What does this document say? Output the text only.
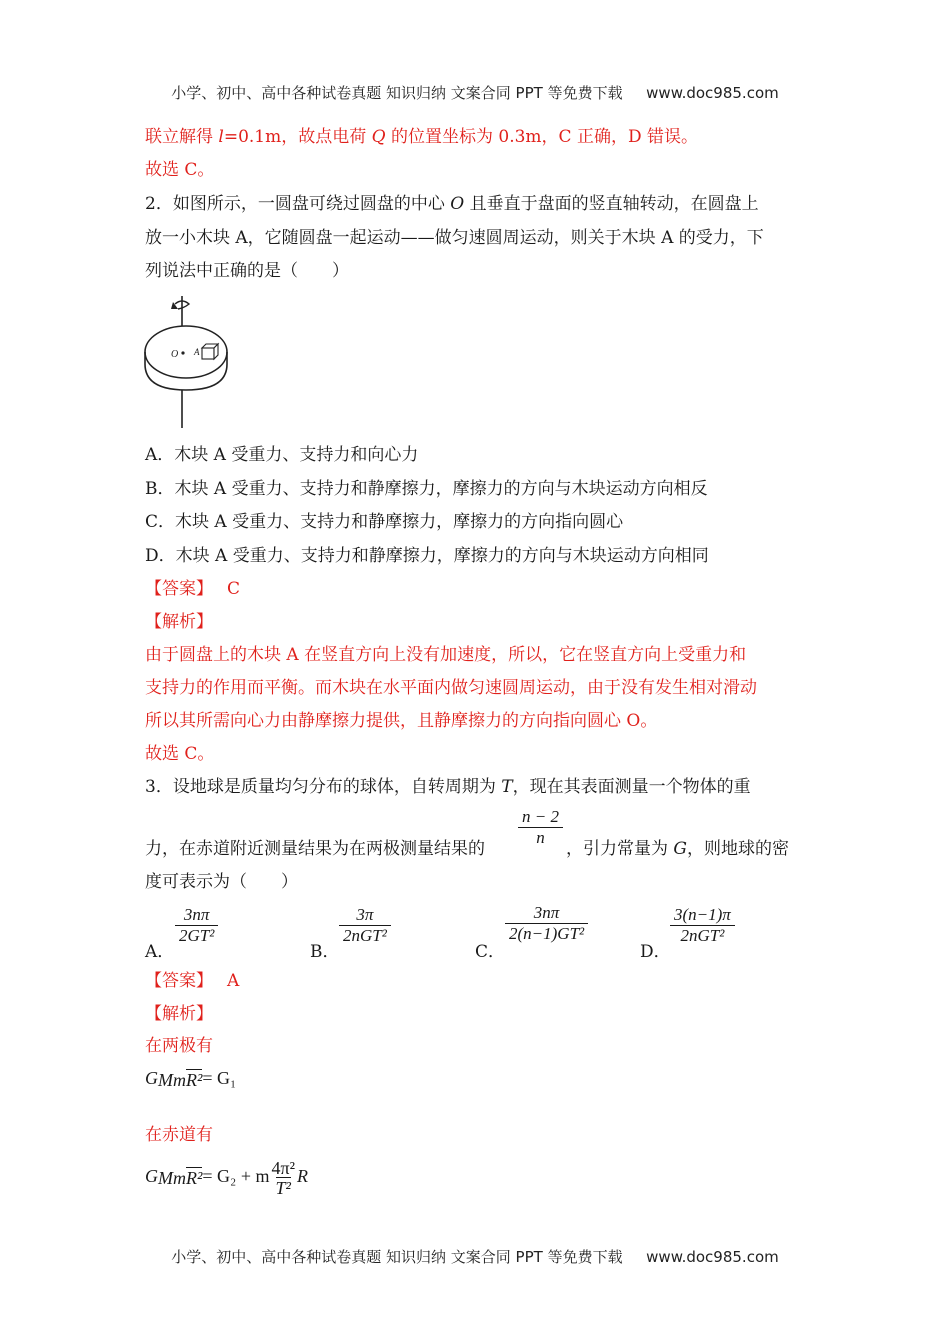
小学、初中、高中各种试卷真题 知识归纳 文案合同 PPT 等免费下载 www.doc985.com
联立解得 l=0.1m，故点电荷 Q 的位置坐标为 0.3m，C 正确，D 错误。
故选 C。
2．如图所示，一圆盘可绕过圆盘的中心 O 且垂直于盘面的竖直轴转动，在圆盘上
放一小木块 A，它随圆盘一起运动——做匀速圆周运动，则关于木块 A 的受力，下
列说法中正确的是（　　）
O A
A．木块 A 受重力、支持力和向心力
B．木块 A 受重力、支持力和静摩擦力，摩擦力的方向与木块运动方向相反
C．木块 A 受重力、支持力和静摩擦力，摩擦力的方向指向圆心
D．木块 A 受重力、支持力和静摩擦力，摩擦力的方向与木块运动方向相同
【答案】 C
【解析】
由于圆盘上的木块 A 在竖直方向上没有加速度，所以，它在竖直方向上受重力和
支持力的作用而平衡。而木块在水平面内做匀速圆周运动，由于没有发生相对滑动
所以其所需向心力由静摩擦力提供，且静摩擦力的方向指向圆心 O。
故选 C。
3．设地球是质量均匀分布的球体，自转周期为 T，现在其表面测量一个物体的重
$\frac{n - 2}{n}$
力，在赤道附近测量结果为在两极测量结果的	，引力常量为 G，则地球的密
度可表示为（　　）
A．
$\frac{3n\pi}{\text{2GT²}}$
B．
3π
2nGT²
C．
$\frac{3n\pi}{\text{2(n−1)GT²}}$
D．
3(n−1)π
2nGT²
【答案】 A
【解析】
在两极有
GMmR²= G₁
在赤道有
GMmR²= G₂ + m $\frac{\text{4π²}}{\text{T²}}R$
小学、初中、高中各种试卷真题 知识归纳 文案合同 PPT 等免费下载 www.doc985.com
